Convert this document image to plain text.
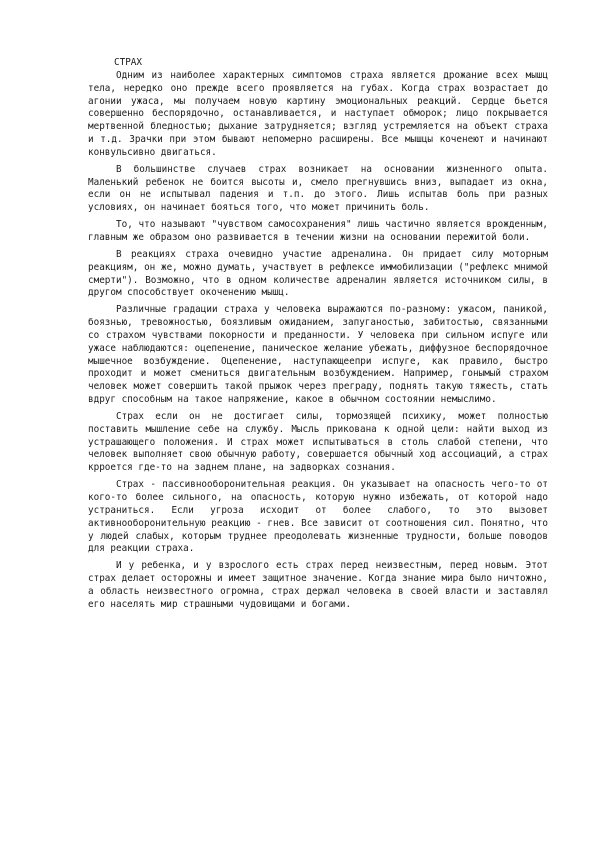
СТРАХ

Одним из наиболее характерных симптомов страха является дрожание всех мышц тела, нередко оно прежде всего проявляется на губах. Когда страх возрастает до агонии ужаса, мы получаем новую картину эмоциональных реакций. Сердце бьется совершенно беспорядочно, останавливается, и наступает обморок; лицо покрывается мертвенной бледностью; дыхание затрудняется; взгляд устремляется на объект страха и т.д. Зрачки при этом бывают непомерно расширены. Все мышцы коченеют и начинают конвульсивно двигаться.

В большинстве случаев страх возникает на основании жизненного опыта. Маленький ребенок не боится высоты и, смело прегнувшись вниз, выпадает из окна, если он не испытывал падения и т.п. до этого. Лишь испытав боль при разных условиях, он начинает бояться того, что может причинить боль.

То, что называют "чувством самосохранения" лишь частично является врожденным, главным же образом оно развивается в течении жизни на основании пережитой боли.

В реакциях страха очевидно участие адреналина. Он придает силу моторным реакциям, он же, можно думать, участвует в рефлексе иммобилизации ("рефлекс мнимой смерти"). Возможно, что в одном количестве адреналин является источником силы, в другом способствует окоченению мышц.

Различные градации страха у человека выражаются по-разному: ужасом, паникой, боязнью, тревожностью, боязливым ожиданием, запуганостью, забитостью, связанными со страхом чувствами покорности и преданности. У человека при сильном испуге или ужасе наблюдаются: оцепенение, паническое желание убежать, диффузное беспорядочное мышечное возбуждение. Оцепенение, наступающеепри испуге, как правило, быстро проходит и может смениться двигательным возбуждением. Например, гонымый страхом человек может совершить такой прыжок через преграду, поднять такую тяжесть, стать вдруг способным на такое напряжение, какое в обычном состоянии немыслимо.

Страх если он не достигает силы, тормозящей психику, может полностью поставить мышление себе на службу. Мысль прикована к одной цели: найти выход из устрашающего положения. И страх может испытываться в столь слабой степени, что человек выполняет свою обычную работу, совершается обычный ход ассоциаций, а страх крроется где-то на заднем плане, на задворках сознания.

Страх - пассивнооборонительная реакция. Он указывает на опасность чего-то от кого-то более сильного, на опасность, которую нужно избежать, от которой надо устраниться. Если угроза исходит от более слабого, то это вызовет активнооборонительную реакцию - гнев. Все зависит от соотношения сил. Понятно, что у людей слабых, которым труднее преодолевать жизненные трудности, больше поводов для реакции страха.

И у ребенка, и у взрослого есть страх перед неизвестным, перед новым. Этот страх делает осторожны и имеет защитное значение. Когда знание мира было ничтожно, а область неизвестного огромна, страх держал человека в своей власти и заставлял его населять мир страшными чудовищами и богами.
